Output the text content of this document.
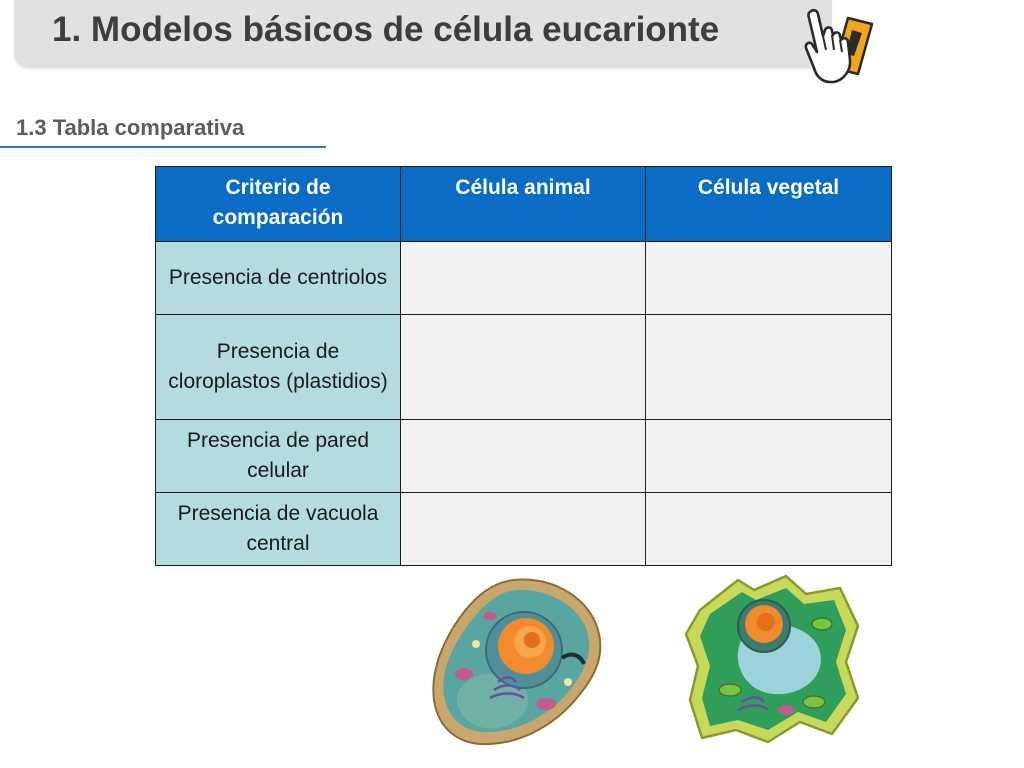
1. Modelos básicos de célula eucarionte
1.3 Tabla comparativa
Criterio de comparación	Célula animal	Célula vegetal
Presencia de centriolos		
Presencia de cloroplastos (plastidios)		
Presencia de pared celular		
Presencia de vacuola central		
